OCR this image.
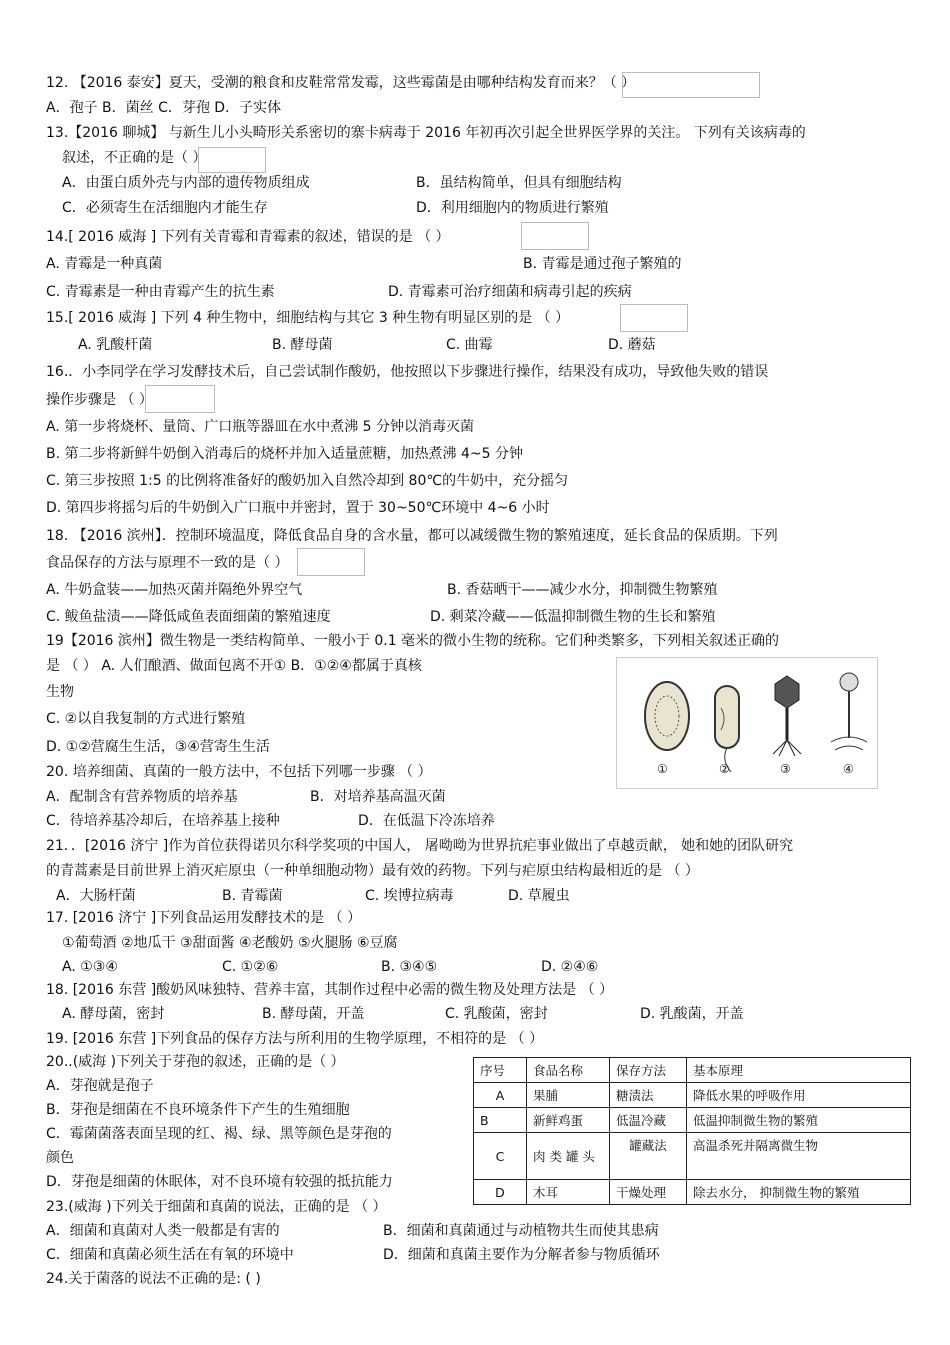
12. 【2016 泰安】夏天，受潮的粮食和皮鞋常常发霉，这些霉菌是由哪种结构发育而来？（ ）
A．孢子 B．菌丝 C．芽孢 D．子实体
13.【2016 聊城】 与新生儿小头畸形关系密切的寨卡病毒于 2016 年初再次引起全世界医学界的关注。 下列有关该病毒的
叙述，不正确的是（ ）
A．由蛋白质外壳与内部的遗传物质组成	B．虽结构简单，但具有细胞结构
C．必须寄生在活细胞内才能生存	D．利用细胞内的物质进行繁殖
14.[ 2016 威海 ] 下列有关青霉和青霉素的叙述，错误的是 （ ）
A. 青霉是一种真菌	B. 青霉是通过孢子繁殖的
C. 青霉素是一种由青霉产生的抗生素	D. 青霉素可治疗细菌和病毒引起的疾病
15.[ 2016 威海 ] 下列 4 种生物中，细胞结构与其它 3 种生物有明显区别的是 （ ）
A. 乳酸杆菌	B. 酵母菌	C. 曲霉	D. 蘑菇
16.．小李同学在学习发酵技术后，自己尝试制作酸奶，他按照以下步骤进行操作，结果没有成功，导致他失败的错误
操作步骤是 （ ）
A. 第一步将烧杯、量筒、广口瓶等器皿在水中煮沸 5 分钟以消毒灭菌
B. 第二步将新鲜牛奶倒入消毒后的烧杯并加入适量蔗糖，加热煮沸 4~5 分钟
C. 第三步按照 1:5 的比例将准备好的酸奶加入自然冷却到 80℃的牛奶中，充分摇匀
D. 第四步将摇匀后的牛奶倒入广口瓶中并密封，置于 30~50℃环境中 4~6 小时
18. 【2016 滨州】．控制环境温度，降低食品自身的含水量，都可以减缓微生物的繁殖速度，延长食品的保质期。下列
食品保存的方法与原理不一致的是（ ）
A. 牛奶盒装——加热灭菌并隔绝外界空气	B. 香菇晒干——减少水分，抑制微生物繁殖
C. 鲅鱼盐渍——降低咸鱼表面细菌的繁殖速度	D. 剩菜冷藏——低温抑制微生物的生长和繁殖
19【2016 滨州】微生物是一类结构简单、一般小于 0.1 毫米的微小生物的统称。它们种类繁多，下列相关叙述正确的
是 （ ） A. 人们酿酒、做面包离不开① B．①②④都属于真核
生物
C. ②以自我复制的方式进行繁殖
D. ①②营腐生生活，③④营寄生生活
20. 培养细菌、真菌的一般方法中，不包括下列哪一步骤 （ ）
A．配制含有营养物质的培养基	B．对培养基高温灭菌
C．待培养基冷却后，在培养基上接种	D．在低温下冷冻培养
21．．[2016 济宁 ]作为首位获得诺贝尔科学奖项的中国人， 屠呦呦为世界抗疟事业做出了卓越贡献， 她和她的团队研究
的青蒿素是目前世界上消灭疟原虫（一种单细胞动物）最有效的药物。下列与疟原虫结构最相近的是 （ ）
A．大肠杆菌	B. 青霉菌	C. 埃博拉病毒	D. 草履虫
17. [2016 济宁 ]下列食品运用发酵技术的是 （ ）
①葡萄酒 ②地瓜干 ③甜面酱 ④老酸奶 ⑤火腿肠 ⑥豆腐
A. ①③④	C. ①②⑥	B. ③④⑤	D. ②④⑥
18. [2016 东营 ]酸奶风味独特、营养丰富，其制作过程中必需的微生物及处理方法是 （ ）
A. 酵母菌，密封	B. 酵母菌，开盖	C. 乳酸菌，密封	D. 乳酸菌，开盖
19. [2016 东营 ]下列食品的保存方法与所利用的生物学原理，不相符的是 （ ）
20..(威海 )下列关于芽孢的叙述，正确的是（ ）
A．芽孢就是孢子
B．芽孢是细菌在不良环境条件下产生的生殖细胞
C．霉菌菌落表面呈现的红、褐、绿、黑等颜色是芽孢的
颜色
D．芽孢是细菌的休眠体，对不良环境有较强的抵抗能力
23.(威海 )下列关于细菌和真菌的说法，正确的是 （ ）
A．细菌和真菌对人类一般都是有害的	B．细菌和真菌通过与动植物共生而使其患病
C．细菌和真菌必须生活在有氧的环境中	D．细菌和真菌主要作为分解者参与物质循环
24.关于菌落的说法不正确的是: ( )
①	②	③	④
序号	食品名称	保存方法	基本原理
A	果脯	糖渍法	降低水果的呼吸作用
B	新鲜鸡蛋	低温冷藏	低温抑制微生物的繁殖
C	肉 类 罐 头	罐藏法	高温杀死并隔离微生物
D	木耳	干燥处理	除去水分， 抑制微生物的繁殖
